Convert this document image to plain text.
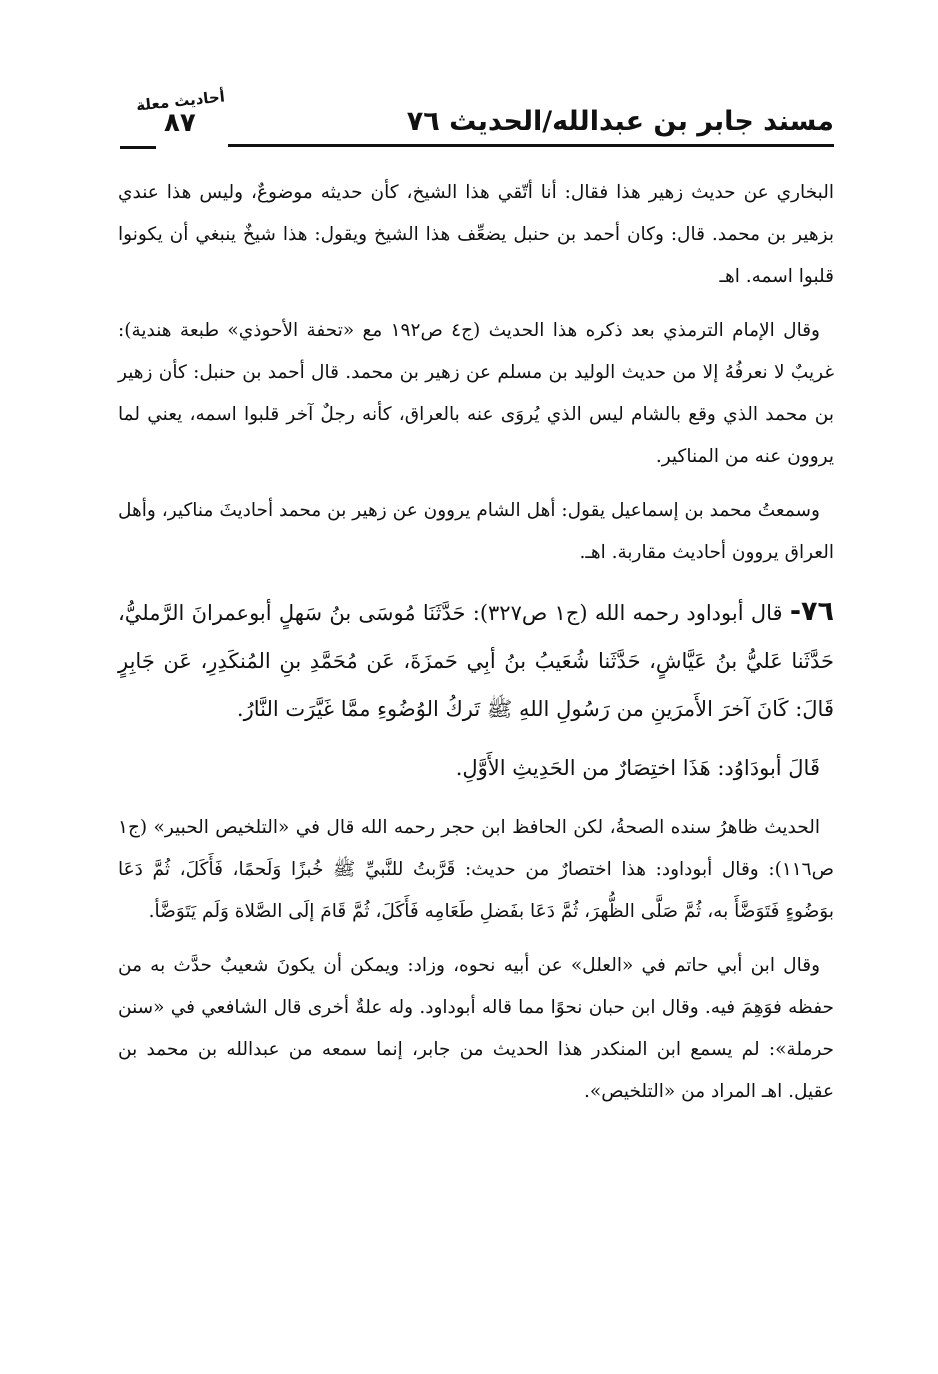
مسند جابر بن عبدالله/الحديث ٧٦
أحاديث معلة
٨٧

البخاري عن حديث زهير هذا فقال: أنا أتّقي هذا الشيخ، كأن حديثه موضوعٌ، وليس هذا عندي بزهير بن محمد. قال: وكان أحمد بن حنبل يضعِّف هذا الشيخ ويقول: هذا شيخٌ ينبغي أن يكونوا قلبوا اسمه. اهـ

وقال الإمام الترمذي بعد ذكره هذا الحديث (ج٤ ص١٩٢ مع «تحفة الأحوذي» طبعة هندية): غريبٌ لا نعرفُهُ إلا من حديث الوليد بن مسلم عن زهير بن محمد. قال أحمد بن حنبل: كأن زهير بن محمد الذي وقع بالشام ليس الذي يُروَى عنه بالعراق، كأنه رجلٌ آخر قلبوا اسمه، يعني لما يروون عنه من المناكير.

وسمعتُ محمد بن إسماعيل يقول: أهل الشام يروون عن زهير بن محمد أحاديثَ مناكير، وأهل العراق يروون أحاديث مقاربة. اهـ.

٧٦- قال أبوداود رحمه الله (ج١ ص٣٢٧): حَدَّثَنَا مُوسَى بنُ سَهلٍ أبوعمرانَ الرَّمليُّ، حَدَّثَنا عَليُّ بنُ عَيَّاشٍ، حَدَّثَنا شُعَيبُ بنُ أبِي حَمزَةَ، عَن مُحَمَّدِ بنِ المُنكَدِرِ، عَن جَابِرٍ قَالَ: كَانَ آخرَ الأَمرَينِ من رَسُولِ اللهِ ﷺ تَركُ الوُضُوءِ ممَّا غَيَّرَت النَّارُ.

قَالَ أبودَاوُد: هَذَا اختِصَارٌ من الحَدِيثِ الأَوَّلِ.

الحديث ظاهرُ سنده الصحةُ، لكن الحافظ ابن حجر رحمه الله قال في «التلخيص الحبير» (ج١ ص١١٦): وقال أبوداود: هذا اختصارٌ من حديث: قَرَّبتُ للنَّبيِّ ﷺ خُبزًا وَلَحمًا، فَأَكَلَ، ثُمَّ دَعَا بوَضُوءٍ فَتَوَضَّأَ به، ثُمَّ صَلَّى الظُّهرَ، ثُمَّ دَعَا بفَضلِ طَعَامِه فَأَكَلَ، ثُمَّ قَامَ إلَى الصَّلاة وَلَم يَتَوَضَّأ.

وقال ابن أبي حاتم في «العلل» عن أبيه نحوه، وزاد: ويمكن أن يكونَ شعيبٌ حدَّث به من حفظه فوَهِمَ فيه. وقال ابن حبان نحوًا مما قاله أبوداود. وله علةٌ أخرى قال الشافعي في «سنن حرملة»: لم يسمع ابن المنكدر هذا الحديث من جابر، إنما سمعه من عبدالله بن محمد بن عقيل. اهـ المراد من «التلخيص».
